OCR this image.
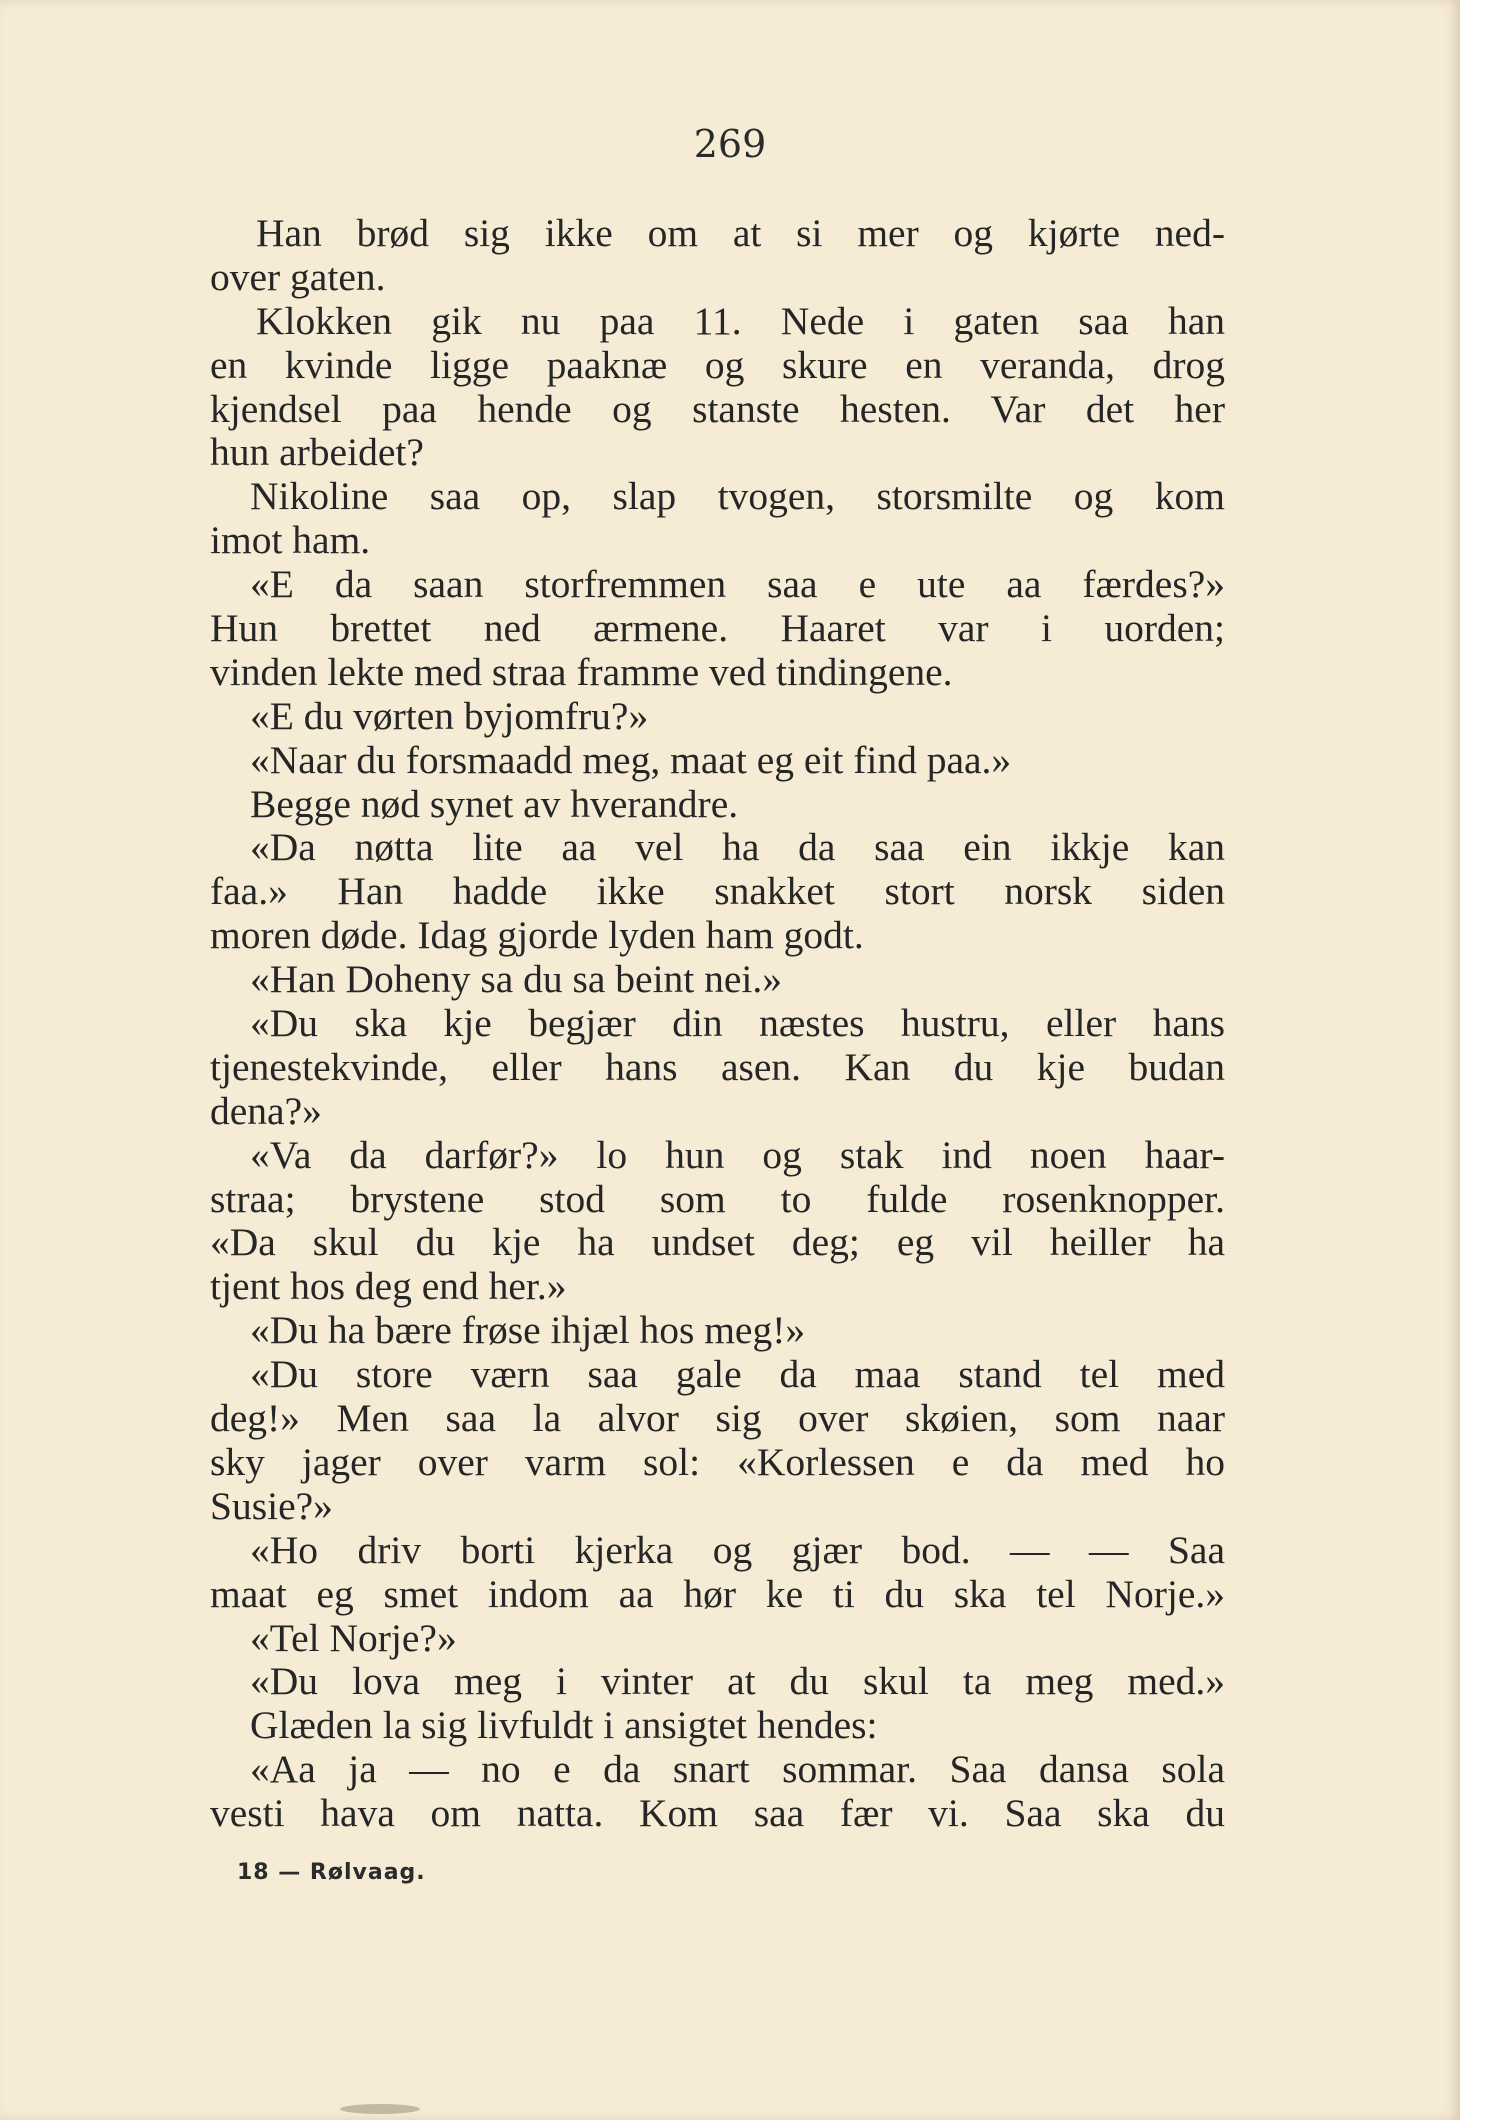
269
Han brød sig ikke om at si mer og kjørte ned-
over gaten.
Klokken gik nu paa 11. Nede i gaten saa han
en kvinde ligge paaknæ og skure en veranda, drog
kjendsel paa hende og stanste hesten. Var det her
hun arbeidet?
Nikoline saa op, slap tvogen, storsmilte og kom
imot ham.
«E da saan storfremmen saa e ute aa færdes?»
Hun brettet ned ærmene. Haaret var i uorden;
vinden lekte med straa framme ved tindingene.
«E du vørten byjomfru?»
«Naar du forsmaadd meg, maat eg eit find paa.»
Begge nød synet av hverandre.
«Da nøtta lite aa vel ha da saa ein ikkje kan
faa.» Han hadde ikke snakket stort norsk siden
moren døde. Idag gjorde lyden ham godt.
«Han Doheny sa du sa beint nei.»
«Du ska kje begjær din næstes hustru, eller hans
tjenestekvinde, eller hans asen. Kan du kje budan
dena?»
«Va da darfør?» lo hun og stak ind noen haar-
straa; brystene stod som to fulde rosenknopper.
«Da skul du kje ha undset deg; eg vil heiller ha
tjent hos deg end her.»
«Du ha bære frøse ihjæl hos meg!»
«Du store værn saa gale da maa stand tel med
deg!» Men saa la alvor sig over skøien, som naar
sky jager over varm sol: «Korlessen e da med ho
Susie?»
«Ho driv borti kjerka og gjær bod. — — Saa
maat eg smet indom aa hør ke ti du ska tel Norje.»
«Tel Norje?»
«Du lova meg i vinter at du skul ta meg med.»
Glæden la sig livfuldt i ansigtet hendes:
«Aa ja — no e da snart sommar. Saa dansa sola
vesti hava om natta. Kom saa fær vi. Saa ska du
18 — Rølvaag.
